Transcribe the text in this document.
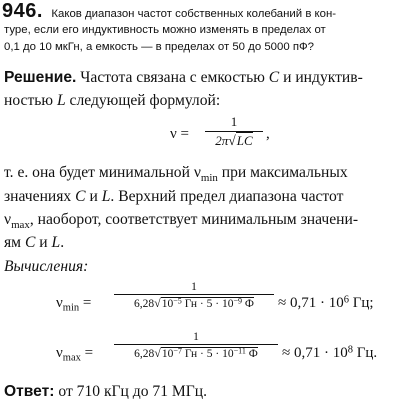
946. Каков диапазон частот собственных колебаний в кон-
туре, если его индуктивность можно изменять в пределах от
0,1 до 10 мкГн, а емкость — в пределах от 50 до 5000 пФ?
Решение. Частота связана с емкостью C и индуктив-
ностью L следующей формулой:
ν =
1
2π√LC ,
т. е. она будет минимальной $\nu_{min}$ при максимальных
значениях C и L. Верхний предел диапазона частот
$\nu_{max}$, наоборот, соответствует минимальным значени-
ям C и L.
Вычисления:
$\nu_{min}$ =
1
$6,28√10^{-5}$ Гн · $5 \cdot 10^{-9}$ Ф	≈ $0,71 \cdot 10^6$ Гц;
$\nu_{max}$ =
1
$6,28√10^{-7}$ Гн · $5 \cdot 10^{-11}$ Ф	≈ $0,71 \cdot 10^8$ Гц.
Ответ: от 710 кГц до 71 МГц.
